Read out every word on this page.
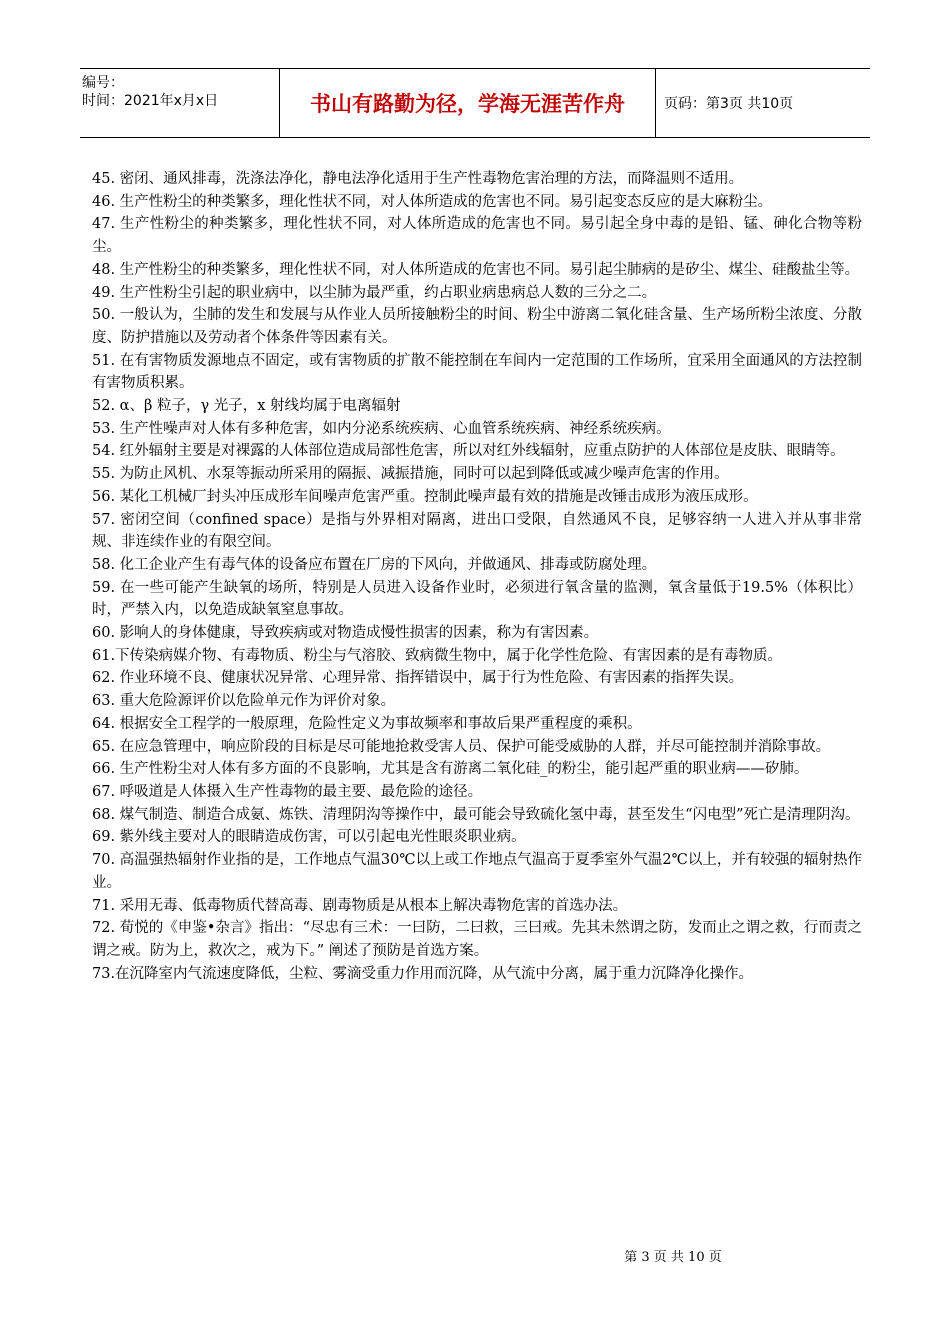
编号：
时间：2021年x月x日	书山有路勤为径，学海无涯苦作舟	页码：第3页 共10页

45. 密闭、通风排毒，洗涤法净化，静电法净化适用于生产性毒物危害治理的方法，而降温则不适用。

46. 生产性粉尘的种类繁多，理化性状不同，对人体所造成的危害也不同。易引起变态反应的是大麻粉尘。

47. 生产性粉尘的种类繁多，理化性状不同，对人体所造成的危害也不同。易引起全身中毒的是铅、锰、砷化合物等粉尘。

48. 生产性粉尘的种类繁多，理化性状不同，对人体所造成的危害也不同。易引起尘肺病的是矽尘、煤尘、硅酸盐尘等。

49. 生产性粉尘引起的职业病中，以尘肺为最严重，约占职业病患病总人数的三分之二。

50. 一般认为，尘肺的发生和发展与从作业人员所接触粉尘的时间、粉尘中游离二氧化硅含量、生产场所粉尘浓度、分散度、防护措施以及劳动者个体条件等因素有关。

51. 在有害物质发源地点不固定，或有害物质的扩散不能控制在车间内一定范围的工作场所，宜采用全面通风的方法控制有害物质积累。

52. α、β 粒子，γ 光子，x 射线均属于电离辐射

53. 生产性噪声对人体有多种危害，如内分泌系统疾病、心血管系统疾病、神经系统疾病。

54. 红外辐射主要是对裸露的人体部位造成局部性危害，所以对红外线辐射，应重点防护的人体部位是皮肤、眼睛等。

55. 为防止风机、水泵等振动所采用的隔振、减振措施，同时可以起到降低或减少噪声危害的作用。

56. 某化工机械厂封头冲压成形车间噪声危害严重。控制此噪声最有效的措施是改锤击成形为液压成形。

57. 密闭空间（confined space）是指与外界相对隔离，进出口受限，自然通风不良，足够容纳一人进入并从事非常规、非连续作业的有限空间。

58. 化工企业产生有毒气体的设备应布置在厂房的下风向，并做通风、排毒或防腐处理。

59. 在一些可能产生缺氧的场所，特别是人员进入设备作业时，必须进行氧含量的监测，氧含量低于19.5%（体积比）时，严禁入内，以免造成缺氧窒息事故。

60. 影响人的身体健康，导致疾病或对物造成慢性损害的因素，称为有害因素。

61.下传染病媒介物、有毒物质、粉尘与气溶胶、致病微生物中，属于化学性危险、有害因素的是有毒物质。

62. 作业环境不良、健康状况异常、心理异常、指挥错误中，属于行为性危险、有害因素的指挥失误。

63. 重大危险源评价以危险单元作为评价对象。

64. 根据安全工程学的一般原理，危险性定义为事故频率和事故后果严重程度的乘积。

65. 在应急管理中，响应阶段的目标是尽可能地抢救受害人员、保护可能受威胁的人群，并尽可能控制并消除事故。

66. 生产性粉尘对人体有多方面的不良影响，尤其是含有游离二氧化硅_的粉尘，能引起严重的职业病——矽肺。

67. 呼吸道是人体摄入生产性毒物的最主要、最危险的途径。

68. 煤气制造、制造合成氨、炼铁、清理阴沟等操作中，最可能会导致硫化氢中毒，甚至发生“闪电型”死亡是清理阴沟。

69. 紫外线主要对人的眼睛造成伤害，可以引起电光性眼炎职业病。

70. 高温强热辐射作业指的是，工作地点气温30℃以上或工作地点气温高于夏季室外气温2℃以上，并有较强的辐射热作业。

71. 采用无毒、低毒物质代替高毒、剧毒物质是从根本上解决毒物危害的首选办法。

72. 荀悦的《申鉴•杂言》指出：“尽忠有三术：一曰防，二曰救，三曰戒。先其未然谓之防，发而止之谓之救，行而责之谓之戒。防为上，救次之，戒为下。” 阐述了预防是首选方案。

73.在沉降室内气流速度降低，尘粒、雾滴受重力作用而沉降，从气流中分离，属于重力沉降净化操作。

第 3 页 共 10 页
